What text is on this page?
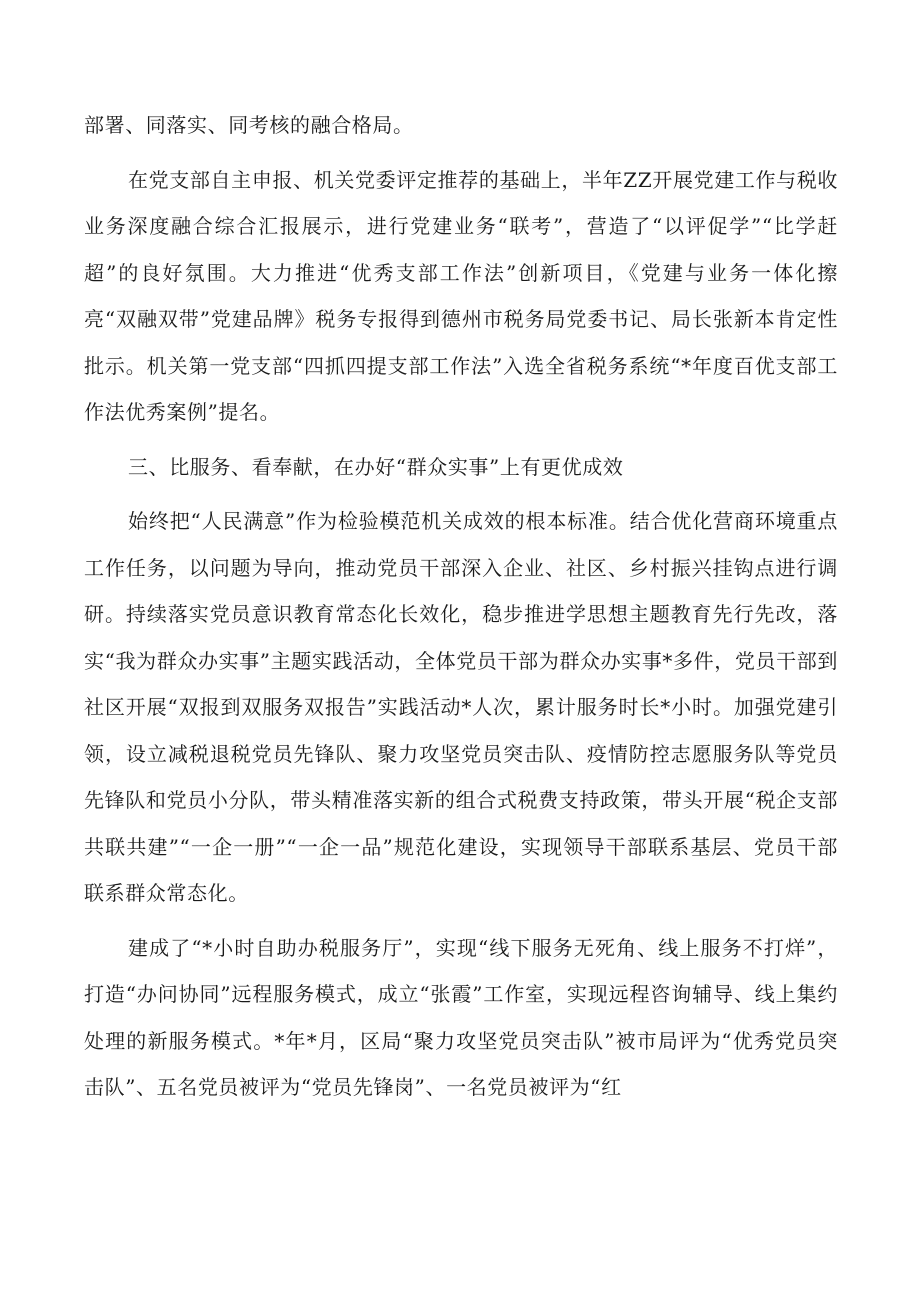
部署、同落实、同考核的融合格局。

在党支部自主申报、机关党委评定推荐的基础上，半年ZZ开展党建工作与税收业务深度融合综合汇报展示，进行党建业务“联考”，营造了“以评促学”“比学赶超”的良好氛围。大力推进“优秀支部工作法”创新项目，《党建与业务一体化擦亮“双融双带”党建品牌》税务专报得到德州市税务局党委书记、局长张新本肯定性批示。机关第一党支部“四抓四提支部工作法”入选全省税务系统“*年度百优支部工作法优秀案例”提名。

三、比服务、看奉献，在办好“群众实事”上有更优成效

始终把“人民满意”作为检验模范机关成效的根本标准。结合优化营商环境重点工作任务，以问题为导向，推动党员干部深入企业、社区、乡村振兴挂钩点进行调研。持续落实党员意识教育常态化长效化，稳步推进学思想主题教育先行先改，落实“我为群众办实事”主题实践活动，全体党员干部为群众办实事*多件，党员干部到社区开展“双报到双服务双报告”实践活动*人次，累计服务时长*小时。加强党建引领，设立减税退税党员先锋队、聚力攻坚党员突击队、疫情防控志愿服务队等党员先锋队和党员小分队，带头精准落实新的组合式税费支持政策，带头开展“税企支部共联共建”“一企一册”“一企一品”规范化建设，实现领导干部联系基层、党员干部联系群众常态化。

建成了“*小时自助办税服务厅”，实现“线下服务无死角、线上服务不打烊”，打造“办问协同”远程服务模式，成立“张霞”工作室，实现远程咨询辅导、线上集约处理的新服务模式。*年*月，区局“聚力攻坚党员突击队”被市局评为“优秀党员突击队”、五名党员被评为“党员先锋岗”、一名党员被评为“红
